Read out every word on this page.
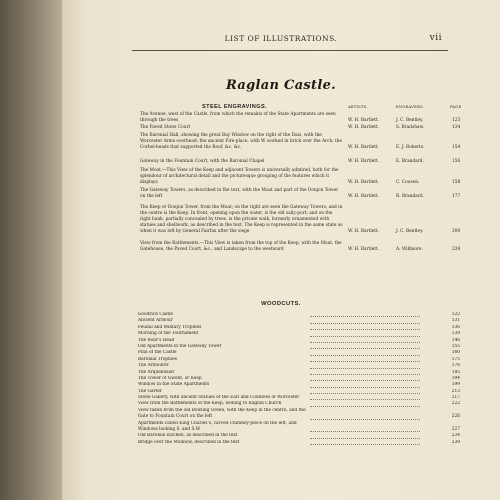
LIST OF ILLUSTRATIONS.	vii
Raglan Castle.
STEEL ENGRAVINGS.	ARTISTS.	ENGRAVERS.	PAGE
The Avenue, west of the Castle, from which the remains of the State Apartments are seen through the trees	W. H. Bartlett.	J. C. Bentley.	123
The Paved Stone Court	W. H. Bartlett.	S. Bradshaw.	134
The Baronial Hall, showing the great Bay Window on the right of the Dais, with the Worcester Arms overhead; the ancient Fire-place, with W worked in brick over the Arch; the Corbel-heads that supported the Roof, &c. &c.	W. H. Bartlett.	E. J. Roberts.	154
Gateway in the Fountain Court, with the Baronial Chapel	W. H. Bartlett.	E. Brandard.	156
The Moat.—This View of the Keep and adjacent Towers is universally admired, both for the splendour of architectural detail and the picturesque grouping of the features which it displays	W. H. Bartlett.	C. Cousen.	158
The Gateway Towers, as described in the text, with the Moat and part of the Donjon Tower on the left	W. H. Bartlett.	R. Brandard.	177
The Keep or Donjon Tower, from the Moat; on the right are seen the Gateway Towers, and in the centre is the Keep. In front, opening upon the water, is the old sally-port; and on the right bank, partially concealed by trees, is the private walk, formerly ornamented with statues and shellwork, as described in the text. The Keep is represented in the same state as when it was left by General Fairfax after the siege	W. H. Bartlett.	J. C. Bentley.	200
View from the Battlements.—This View is taken from the top of the Keep, with the Moat, the Gatehouse, the Paved Court, &c., and Landscape to the westward	W. H. Bartlett.	A. Willmore.	239
WOODCUTS.
Goodrich Castle	122
Ancient Armour	131
Feudal and Military Trophies	136
Morning of the Tournament	139
The Boar's Head	146
Old Apartments in the Gateway Tower	155
Plan of the Castle	160
Baronial Trophies	175
The Armourer	176
The Arquebusier	185
The Tower of Gwent, or Keep	194
Window in the State Apartments	199
The Garter	213
Stone Gallery, with ancient Statues of the Earl and Countess of Worcester	217
View from the Battlements of the Keep, looking to Raglan Church	222
View taken from the old Bowling Green, with the Keep in the centre, and the Gate to Fountain Court on the left	226
Apartments called King Charles's, carved Chimney-piece on the left, and Windows looking S. and S.W.	227
Old Baronial Kitchen, as described in the text	234
Bridge over the Monnow, described in the text	239
